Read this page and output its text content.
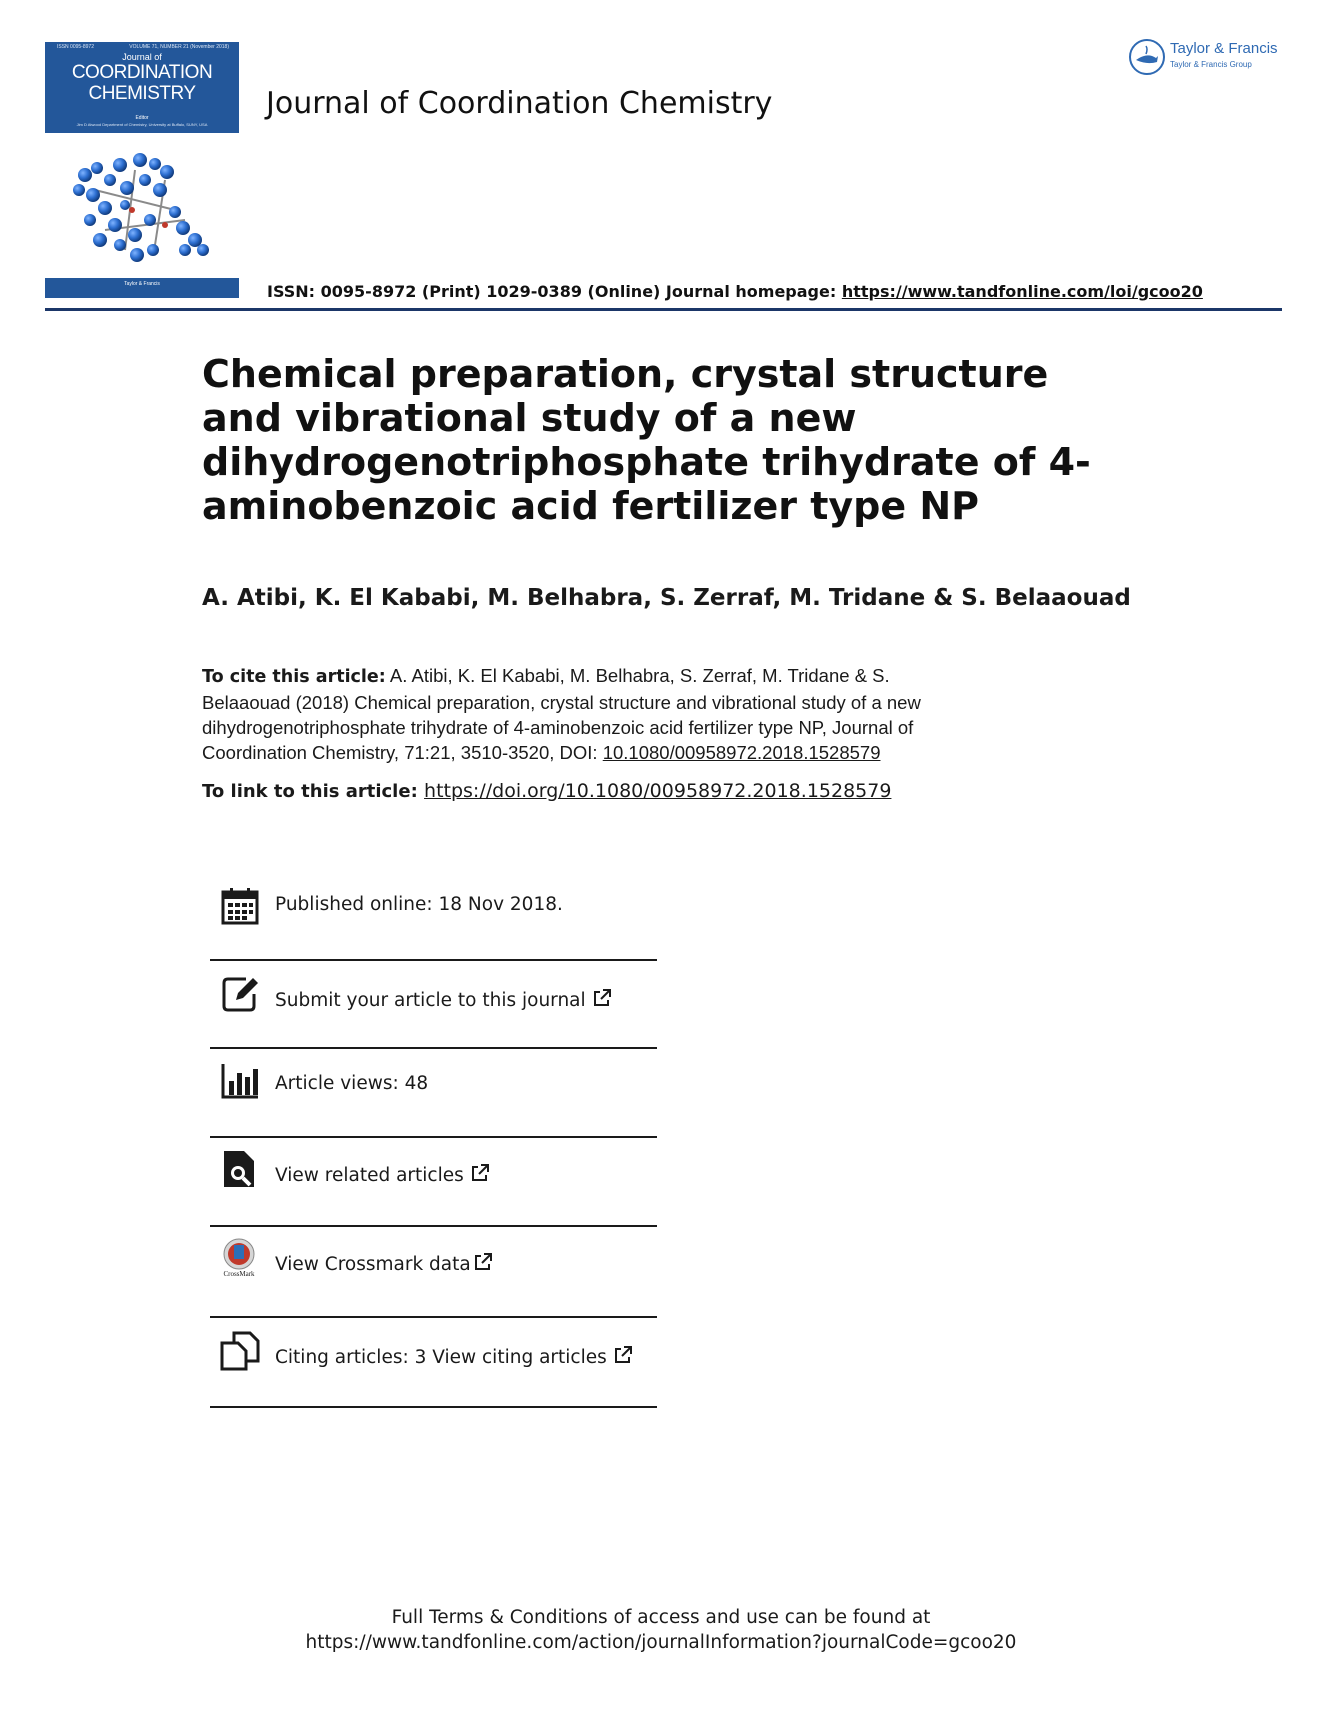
ISSN 0095-8972	VOLUME 71, NUMBER 21 (November 2018)
Journal of
COORDINATION
CHEMISTRY
Editor
Jim D Atwood Department of Chemistry, University at Buffalo, SUNY, USA
Taylor & Francis
Journal of Coordination Chemistry
Taylor & Francis
Taylor & Francis Group
ISSN: 0095-8972 (Print) 1029-0389 (Online) Journal homepage: https://www.tandfonline.com/loi/gcoo20
Chemical preparation, crystal structure
and vibrational study of a new
dihydrogenotriphosphate trihydrate of 4-
aminobenzoic acid fertilizer type NP
A. Atibi, K. El Kababi, M. Belhabra, S. Zerraf, M. Tridane & S. Belaaouad
To cite this article: A. Atibi, K. El Kababi, M. Belhabra, S. Zerraf, M. Tridane & S.
Belaaouad (2018) Chemical preparation, crystal structure and vibrational study of a new
dihydrogenotriphosphate trihydrate of 4-aminobenzoic acid fertilizer type NP, Journal of
Coordination Chemistry, 71:21, 3510-3520, DOI: 10.1080/00958972.2018.1528579
To link to this article: https://doi.org/10.1080/00958972.2018.1528579
Published online: 18 Nov 2018.
Submit your article to this journal
Article views: 48
View related articles
CrossMark View Crossmark data
Citing articles: 3 View citing articles
Full Terms & Conditions of access and use can be found at
https://www.tandfonline.com/action/journalInformation?journalCode=gcoo20
